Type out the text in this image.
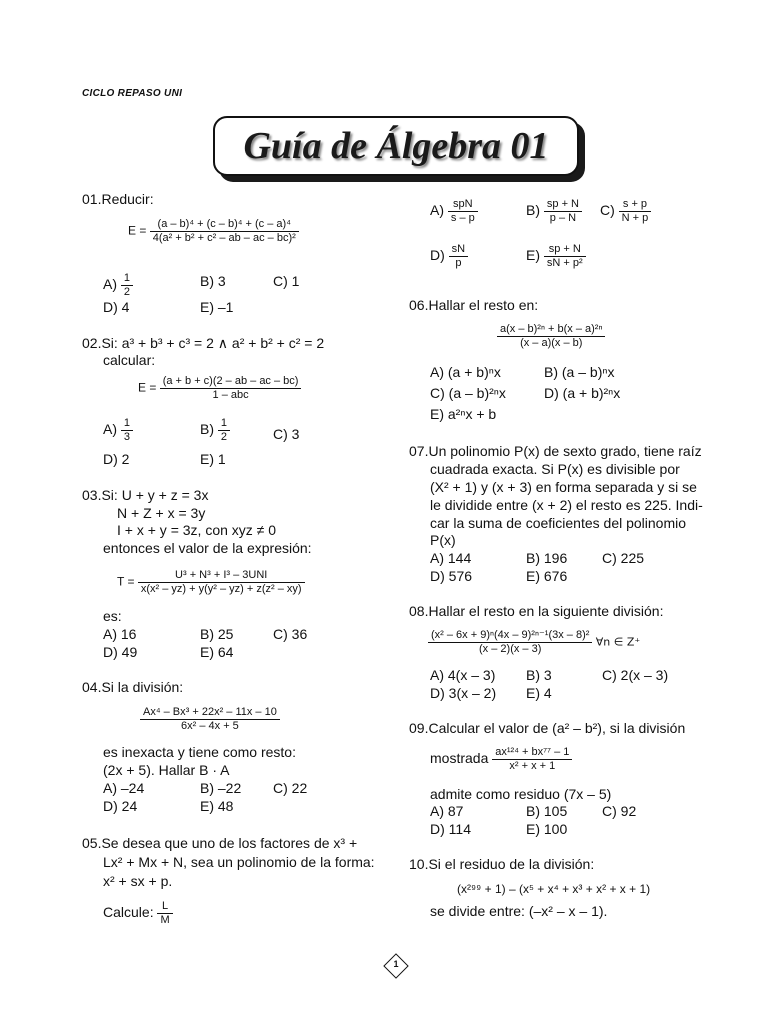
CICLO REPASO UNI
Guía de Álgebra 01
01.Reducir:
$E = \frac{\text{(a – b)⁴ + (c – b)⁴ + (c – a)⁴}}{\text{4(a² + b² + c² – ab – ac – bc)²}}$
$A) \frac{1}{2}$	B) 3	C) 1
D) 4	E) –1
02.Si: a³ + b³ + c³ = 2 ∧ a² + b² + c² = 2
calcular:
E = (a + b + c)(2 – ab – ac – bc)
1 – abc
$A) \frac{1}{3}$	$B) \frac{1}{2}$	C) 3
D) 2	E) 1
03.Si: U + y + z = 3x
N + Z + x = 3y
I + x + y = 3z, con xyz ≠ 0
entonces el valor de la expresión:
T =	U³ + N³ + I³ – 3UNI
x(x² – yz) + y(y² – yz) + z(z² – xy)
es:
A) 16	B) 25	C) 36
D) 49	E) 64
04.Si la división:
$\frac{\text{Ax⁴ – Bx³ + 22x² – 11x – 10}}{\text{6x² – 4x + 5}}$
es inexacta y tiene como resto:
(2x + 5). Hallar B · A
A) –24	B) –22 C) 22
D) 24	E) 48
05.Se desea que uno de los factores de x³ +
Lx² + Mx + N, sea un polinomio de la forma:
x² + sx + p.
Calcule: $\frac{L}{M}$
A) spN
s – p	$B) \frac{sp + N}{p - N} C) \frac{s + p}{N + p}$
$D) \frac{sN}{p}$	$E) \frac{sp + N}{\text{sN + p²}}$
06.Hallar el resto en:
$\frac{\text{a(x – b)²ⁿ + b(x – a)²ⁿ}}{(x - a)(x - b)}$
A) (a + b)ⁿx	B) (a – b)ⁿx
C) (a – b)²ⁿx	D) (a + b)²ⁿx
E) a²ⁿx + b
07.Un polinomio P(x) de sexto grado, tiene raíz
cuadrada exacta. Si P(x) es divisible por
(X² + 1) y (x + 3) en forma separada y si se
le dividide entre (x + 2) el resto es 225. Indi-
car la suma de coeficientes del polinomio
P(x)
A) 144	B) 196 C) 225
D) 576	E) 676
08.Hallar el resto en la siguiente división:
$\frac{\text{(x² – 6x + 9)ⁿ(4x – 9)²ⁿ⁻¹(3x – 8)²}}{(x - 2)(x - 3)}$ ∀n ∈ Z⁺
A) 4(x – 3) B) 3	C) 2(x – 3)
D) 3(x – 2) E) 4
09.Calcular el valor de (a² – b²), si la división
mostrada $\frac{\text{ax¹²⁴ + bx⁷⁷ – 1}}{\text{x² + x + 1}}$
admite como residuo (7x – 5)
A) 87	B) 105 C) 92
D) 114	E) 100
10.Si el residuo de la división:
(x²⁹⁹ + 1) – (x⁵ + x⁴ + x³ + x² + x + 1)
se divide entre: (–x² – x – 1).
1
